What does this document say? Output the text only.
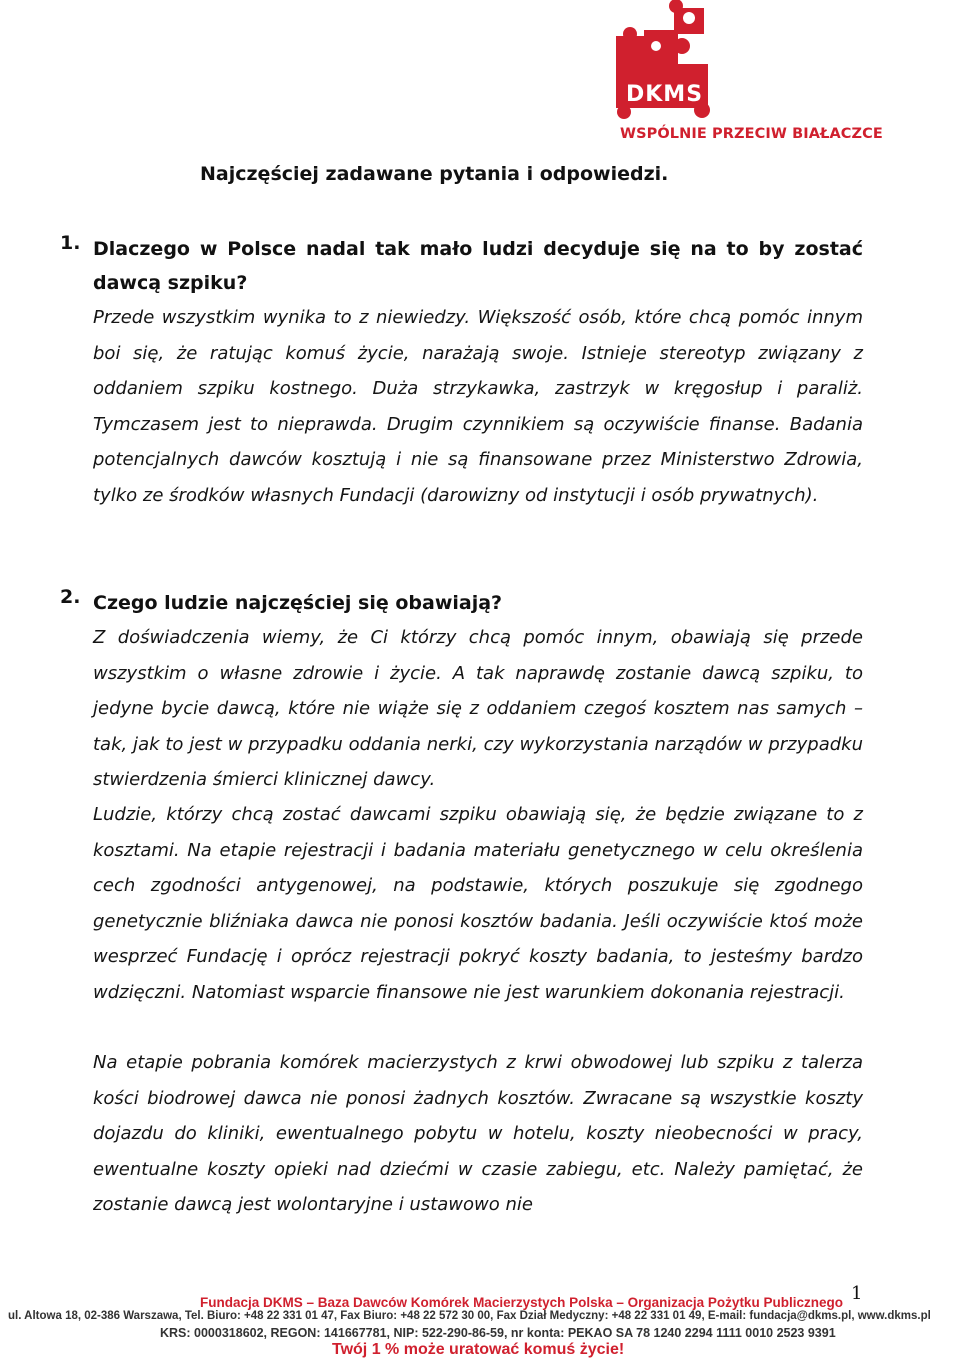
DKMS
WSPÓLNIE PRZECIW BIAŁACZCE
Najczęściej zadawane pytania i odpowiedzi.
1. Dlaczego w Polsce nadal tak mało ludzi decyduje się na to by zostać dawcą szpiku?
Przede wszystkim wynika to z niewiedzy. Większość osób, które chcą pomóc innym boi się, że ratując komuś życie, narażają swoje. Istnieje stereotyp związany z oddaniem szpiku kostnego. Duża strzykawka, zastrzyk w kręgosłup i paraliż. Tymczasem jest to nieprawda. Drugim czynnikiem są oczywiście finanse. Badania potencjalnych dawców kosztują i nie są finansowane przez Ministerstwo Zdrowia, tylko ze środków własnych Fundacji (darowizny od instytucji i osób prywatnych).
2. Czego ludzie najczęściej się obawiają?
Z doświadczenia wiemy, że Ci którzy chcą pomóc innym, obawiają się przede wszystkim o własne zdrowie i życie. A tak naprawdę zostanie dawcą szpiku, to jedyne bycie dawcą, które nie wiąże się z oddaniem czegoś kosztem nas samych – tak, jak to jest w przypadku oddania nerki, czy wykorzystania narządów w przypadku stwierdzenia śmierci klinicznej dawcy.
Ludzie, którzy chcą zostać dawcami szpiku obawiają się, że będzie związane to z kosztami. Na etapie rejestracji i badania materiału genetycznego w celu określenia cech zgodności antygenowej, na podstawie, których poszukuje się zgodnego genetycznie bliźniaka dawca nie ponosi kosztów badania. Jeśli oczywiście ktoś może wesprzeć Fundację i oprócz rejestracji pokryć koszty badania, to jesteśmy bardzo wdzięczni. Natomiast wsparcie finansowe nie jest warunkiem dokonania rejestracji.
Na etapie pobrania komórek macierzystych z krwi obwodowej lub szpiku z talerza kości biodrowej dawca nie ponosi żadnych kosztów. Zwracane są wszystkie koszty dojazdu do kliniki, ewentualnego pobytu w hotelu, koszty nieobecności w pracy, ewentualne koszty opieki nad dziećmi w czasie zabiegu, etc. Należy pamiętać, że zostanie dawcą jest wolontaryjne i ustawowo nie
1
Fundacja DKMS – Baza Dawców Komórek Macierzystych Polska – Organizacja Pożytku Publicznego
ul. Altowa 18, 02-386 Warszawa, Tel. Biuro: +48 22 331 01 47, Fax Biuro: +48 22 572 30 00, Fax Dział Medyczny: +48 22 331 01 49, E-mail: fundacja@dkms.pl, www.dkms.pl
KRS: 0000318602, REGON: 141667781, NIP: 522-290-86-59, nr konta: PEKAO SA 78 1240 2294 1111 0010 2523 9391
Twój 1 % może uratować komuś życie!
